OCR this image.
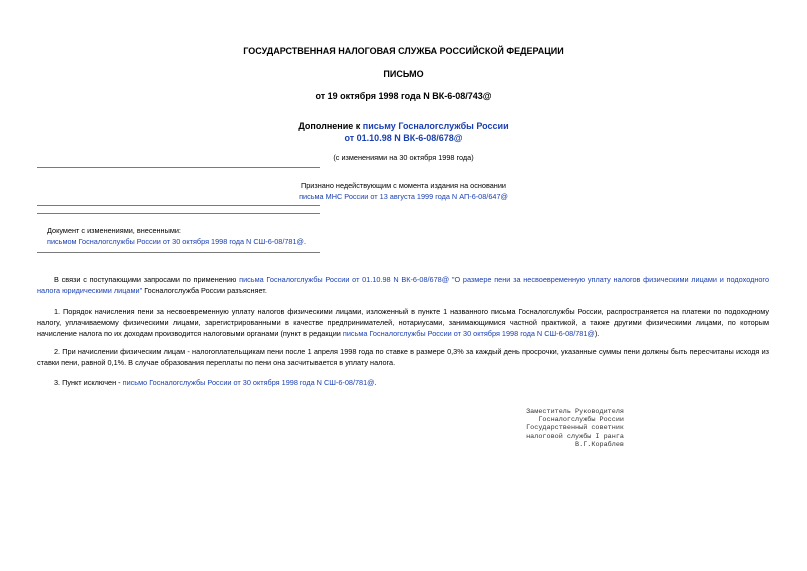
ГОСУДАРСТВЕННАЯ НАЛОГОВАЯ СЛУЖБА РОССИЙСКОЙ ФЕДЕРАЦИИ
ПИСЬМО
от 19 октября 1998 года N ВК-6-08/743@
Дополнение к письму Госналогслужбы России
от 01.10.98 N ВК-6-08/678@
(с изменениями на 30 октября 1998 года)
Признано недействующим с момента издания на основании
письма МНС России от 13 августа 1999 года N АП-6-08/647@
Документ с изменениями, внесенными:
письмом Госналогслужбы России от 30 октября 1998 года N СШ-6-08/781@.
В связи с поступающими запросами по применению письма Госналогслужбы России от 01.10.98 N ВК-6-08/678@ "О размере пени за несвоевременную уплату налогов физическими лицами и подоходного налога юридическими лицами" Госналогслужба России разъясняет.
1. Порядок начисления пени за несвоевременную уплату налогов физическими лицами, изложенный в пункте 1 названного письма Госналогслужбы России, распространяется на платежи по подоходному налогу, уплачиваемому физическими лицами, зарегистрированными в качестве предпринимателей, нотариусами, занимающимися частной практикой, а также другими физическими лицами, по которым начисление налога по их доходам производится налоговыми органами (пункт в редакции письма Госналогслужбы России от 30 октября 1998 года N СШ-6-08/781@).
2. При начислении физическим лицам - налогоплательщикам пени после 1 апреля 1998 года по ставке в размере 0,3% за каждый день просрочки, указанные суммы пени должны быть пересчитаны исходя из ставки пени, равной 0,1%. В случае образования переплаты по пени она засчитывается в уплату налога.
3. Пункт исключен - письмо Госналогслужбы России от 30 октября 1998 года N СШ-6-08/781@.
Заместитель Руководителя
Госналогслужбы России
Государственный советник
налоговой службы I ранга
В.Г.Кораблев
